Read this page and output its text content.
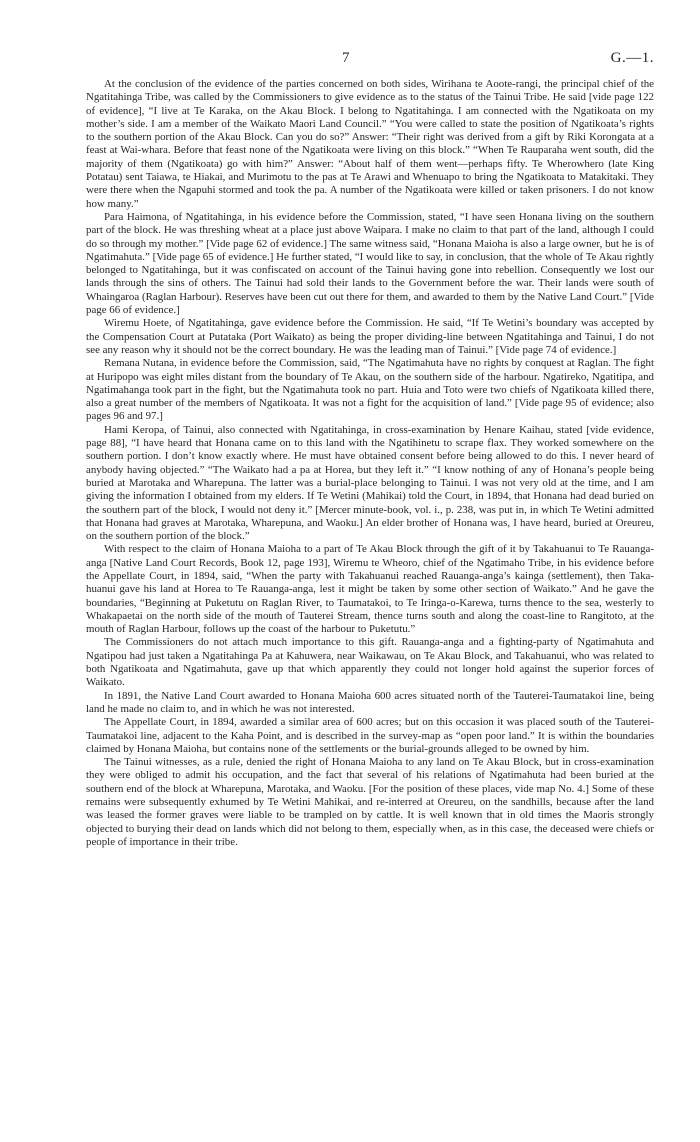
7	G.—1.

At the conclusion of the evidence of the parties concerned on both sides, Wirihana te Aoote-rangi, the principal chief of the Ngatitahinga Tribe, was called by the Commissioners to give evidence as to the status of the Tainui Tribe. He said [vide page 122 of evidence], “I live at Te Karaka, on the Akau Block. I belong to Ngatitahinga. I am connected with the Ngatikoata on my mother’s side. I am a member of the Waikato Maori Land Council.” “You were called to state the position of Ngatikoata’s rights to the southern portion of the Akau Block. Can you do so?” Answer: “Their right was derived from a gift by Riki Korongata at a feast at Wai-whara. Before that feast none of the Ngatikoata were living on this block.” “When Te Rauparaha went south, did the majority of them (Ngatikoata) go with him?” Answer: “About half of them went—perhaps fifty. Te Wherowhero (late King Potatau) sent Taiawa, te Hiakai, and Murimotu to the pas at Te Arawi and Whenuapo to bring the Ngatikoata to Matakitaki. They were there when the Ngapuhi stormed and took the pa. A number of the Ngatikoata were killed or taken prisoners. I do not know how many.”

Para Haimona, of Ngatitahinga, in his evidence before the Commission, stated, “I have seen Honana living on the southern part of the block. He was threshing wheat at a place just above Waipara. I make no claim to that part of the land, although I could do so through my mother.” [Vide page 62 of evidence.] The same witness said, “Honana Maioha is also a large owner, but he is of Ngatimahuta.” [Vide page 65 of evidence.] He further stated, “I would like to say, in conclusion, that the whole of Te Akau rightly belonged to Ngatitahinga, but it was confiscated on account of the Tainui having gone into rebellion. Consequently we lost our lands through the sins of others. The Tainui had sold their lands to the Government before the war. Their lands were south of Whaingaroa (Raglan Harbour). Reserves have been cut out there for them, and awarded to them by the Native Land Court.” [Vide page 66 of evidence.]

Wiremu Hoete, of Ngatitahinga, gave evidence before the Commission. He said, “If Te Wetini’s boundary was accepted by the Compensation Court at Putataka (Port Waikato) as being the proper dividing-line between Ngatitahinga and Tainui, I do not see any reason why it should not be the correct boundary. He was the leading man of Tainui.” [Vide page 74 of evidence.]

Remana Nutana, in evidence before the Commission, said, “The Ngatimahuta have no rights by conquest at Raglan. The fight at Huripopo was eight miles distant from the boundary of Te Akau, on the southern side of the harbour. Ngatireko, Ngatitipa, and Ngatimahanga took part in the fight, but the Ngatimahuta took no part. Huia and Toto were two chiefs of Ngatikoata killed there, also a great number of the members of Ngatikoata. It was not a fight for the acquisition of land.” [Vide page 95 of evidence; also pages 96 and 97.]

Hami Keropa, of Tainui, also connected with Ngatitahinga, in cross-examination by Henare Kaihau, stated [vide evidence, page 88], “I have heard that Honana came on to this land with the Ngatihinetu to scrape flax. They worked somewhere on the southern portion. I don’t know exactly where. He must have obtained consent before being allowed to do this. I never heard of anybody having objected.” “The Waikato had a pa at Horea, but they left it.” “I know nothing of any of Honana’s people being buried at Marotaka and Wharepuna. The latter was a burial-place belonging to Tainui. I was not very old at the time, and I am giving the information I obtained from my elders. If Te Wetini (Mahikai) told the Court, in 1894, that Honana had dead buried on the southern part of the block, I would not deny it.” [Mercer minute-book, vol. i., p. 238, was put in, in which Te Wetini admitted that Honana had graves at Marotaka, Wharepuna, and Waoku.] An elder brother of Honana was, I have heard, buried at Oreureu, on the southern portion of the block.”

With respect to the claim of Honana Maioha to a part of Te Akau Block through the gift of it by Takahuanui to Te Rauanga-anga [Native Land Court Records, Book 12, page 193], Wiremu te Wheoro, chief of the Ngatimaho Tribe, in his evidence before the Appellate Court, in 1894, said, “When the party with Takahuanui reached Rauanga-anga’s kainga (settlement), then Taka-huanui gave his land at Horea to Te Rauanga-anga, lest it might be taken by some other section of Waikato.” And he gave the boundaries, “Beginning at Puketutu on Raglan River, to Taumatakoi, to Te Iringa-o-Karewa, turns thence to the sea, westerly to Whakapaetai on the north side of the mouth of Tauterei Stream, thence turns south and along the coast-line to Rangitoto, at the mouth of Raglan Harbour, follows up the coast of the harbour to Puketutu.”

The Commissioners do not attach much importance to this gift. Rauanga-anga and a fighting-party of Ngatimahuta and Ngatipou had just taken a Ngatitahinga Pa at Kahuwera, near Waikawau, on Te Akau Block, and Takahuanui, who was related to both Ngatikoata and Ngatimahuta, gave up that which apparently they could not longer hold against the superior forces of Waikato.

In 1891, the Native Land Court awarded to Honana Maioha 600 acres situated north of the Tauterei-Taumatakoi line, being land he made no claim to, and in which he was not interested.

The Appellate Court, in 1894, awarded a similar area of 600 acres; but on this occasion it was placed south of the Tauterei-Taumatakoi line, adjacent to the Kaha Point, and is described in the survey-map as “open poor land.” It is within the boundaries claimed by Honana Maioha, but contains none of the settlements or the burial-grounds alleged to be owned by him.

The Tainui witnesses, as a rule, denied the right of Honana Maioha to any land on Te Akau Block, but in cross-examination they were obliged to admit his occupation, and the fact that several of his relations of Ngatimahuta had been buried at the southern end of the block at Wharepuna, Marotaka, and Waoku. [For the position of these places, vide map No. 4.] Some of these remains were subsequently exhumed by Te Wetini Mahikai, and re-interred at Oreureu, on the sandhills, because after the land was leased the former graves were liable to be trampled on by cattle. It is well known that in old times the Maoris strongly objected to burying their dead on lands which did not belong to them, especially when, as in this case, the deceased were chiefs or people of importance in their tribe.
